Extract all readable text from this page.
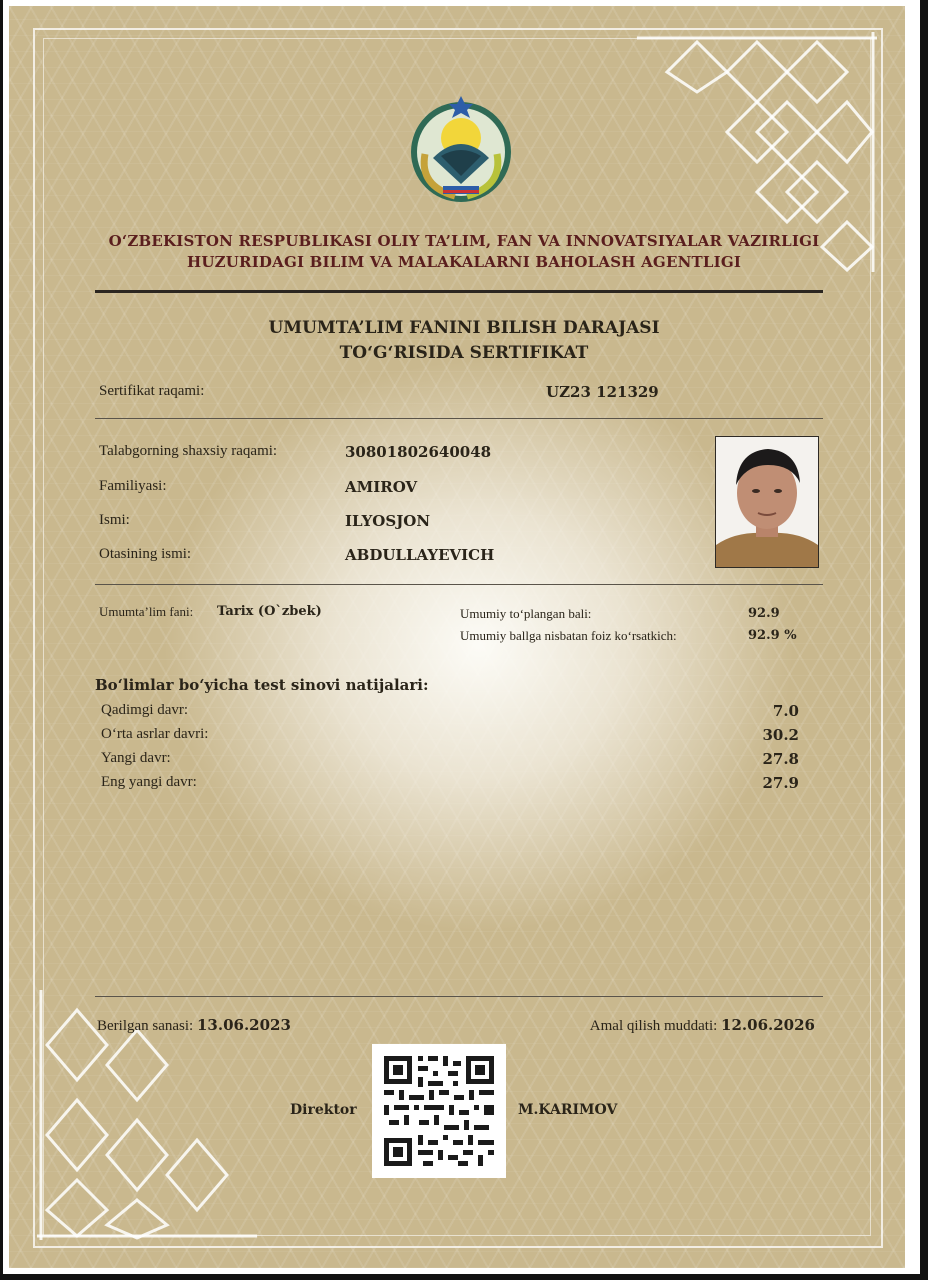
O‘ZBEKISTON RESPUBLIKASI OLIY TA’LIM, FAN VA INNOVATSIYALAR VAZIRLIGI
HUZURIDAGI BILIM VA MALAKALARNI BAHOLASH AGENTLIGI
UMUMTA’LIM FANINI BILISH DARAJASI
TO‘G‘RISIDA SERTIFIKAT
Sertifikat raqami:	UZ23 121329
Talabgorning shaxsiy raqami:	30801802640048
Familiyasi:	AMIROV
Ismi:	ILYOSJON
Otasining ismi:	ABDULLAYEVICH
Umumta’lim fani: Tarix (O`zbek)	Umumiy to‘plangan bali:	92.9
Umumiy ballga nisbatan foiz ko‘rsatkich:	92.9 %
Bo‘limlar bo‘yicha test sinovi natijalari:
Qadimgi davr:	7.0
O‘rta asrlar davri:	30.2
Yangi davr:	27.8
Eng yangi davr:	27.9
Berilgan sanasi: 13.06.2023	Amal qilish muddati: 12.06.2026
Direktor	M.KARIMOV
